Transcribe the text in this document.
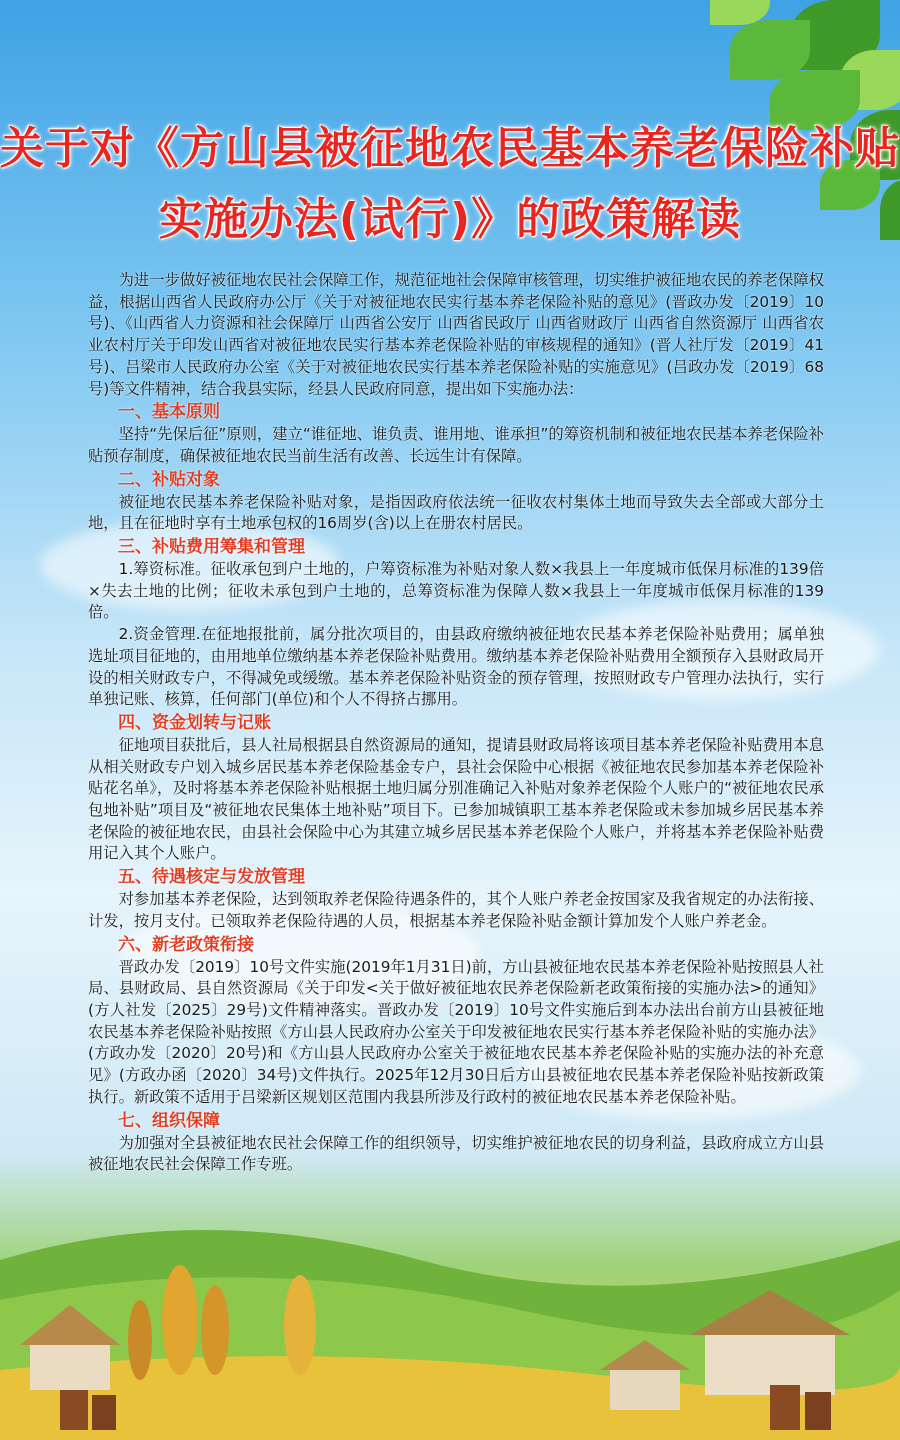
关于对《方山县被征地农民基本养老保险补贴
实施办法(试行)》的政策解读

为进一步做好被征地农民社会保障工作，规范征地社会保障审核管理，切实维护被征地农民的养老保障权益，根据山西省人民政府办公厅《关于对被征地农民实行基本养老保险补贴的意见》(晋政办发〔2019〕10号)、《山西省人力资源和社会保障厅 山西省公安厅 山西省民政厅 山西省财政厅 山西省自然资源厅 山西省农业农村厅关于印发山西省对被征地农民实行基本养老保险补贴的审核规程的通知》(晋人社厅发〔2019〕41号)、吕梁市人民政府办公室《关于对被征地农民实行基本养老保险补贴的实施意见》(吕政办发〔2019〕68号)等文件精神，结合我县实际，经县人民政府同意，提出如下实施办法：

一、基本原则

坚持“先保后征”原则，建立“谁征地、谁负责、谁用地、谁承担”的筹资机制和被征地农民基本养老保险补贴预存制度，确保被征地农民当前生活有改善、长远生计有保障。

二、补贴对象

被征地农民基本养老保险补贴对象，是指因政府依法统一征收农村集体土地而导致失去全部或大部分土地，且在征地时享有土地承包权的16周岁(含)以上在册农村居民。

三、补贴费用筹集和管理

1.筹资标准。征收承包到户土地的，户筹资标准为补贴对象人数×我县上一年度城市低保月标准的139倍×失去土地的比例；征收未承包到户土地的，总筹资标准为保障人数×我县上一年度城市低保月标准的139倍。

2.资金管理.在征地报批前，属分批次项目的，由县政府缴纳被征地农民基本养老保险补贴费用；属单独选址项目征地的，由用地单位缴纳基本养老保险补贴费用。缴纳基本养老保险补贴费用全额预存入县财政局开设的相关财政专户，不得减免或缓缴。基本养老保险补贴资金的预存管理，按照财政专户管理办法执行，实行单独记账、核算，任何部门(单位)和个人不得挤占挪用。

四、资金划转与记账

征地项目获批后，县人社局根据县自然资源局的通知，提请县财政局将该项目基本养老保险补贴费用本息从相关财政专户划入城乡居民基本养老保险基金专户，县社会保险中心根据《被征地农民参加基本养老保险补贴花名单》，及时将基本养老保险补贴根据土地归属分别准确记入补贴对象养老保险个人账户的“被征地农民承包地补贴”项目及“被征地农民集体土地补贴”项目下。已参加城镇职工基本养老保险或未参加城乡居民基本养老保险的被征地农民，由县社会保险中心为其建立城乡居民基本养老保险个人账户，并将基本养老保险补贴费用记入其个人账户。

五、待遇核定与发放管理

对参加基本养老保险，达到领取养老保险待遇条件的，其个人账户养老金按国家及我省规定的办法衔接、计发，按月支付。已领取养老保险待遇的人员，根据基本养老保险补贴金额计算加发个人账户养老金。

六、新老政策衔接

晋政办发〔2019〕10号文件实施(2019年1月31日)前，方山县被征地农民基本养老保险补贴按照县人社局、县财政局、县自然资源局《关于印发<关于做好被征地农民养老保险新老政策衔接的实施办法>的通知》(方人社发〔2025〕29号)文件精神落实。晋政办发〔2019〕10号文件实施后到本办法出台前方山县被征地农民基本养老保险补贴按照《方山县人民政府办公室关于印发被征地农民实行基本养老保险补贴的实施办法》(方政办发〔2020〕20号)和《方山县人民政府办公室关于被征地农民基本养老保险补贴的实施办法的补充意见》(方政办函〔2020〕34号)文件执行。2025年12月30日后方山县被征地农民基本养老保险补贴按新政策执行。新政策不适用于吕梁新区规划区范围内我县所涉及行政村的被征地农民基本养老保险补贴。

七、组织保障

为加强对全县被征地农民社会保障工作的组织领导，切实维护被征地农民的切身利益，县政府成立方山县被征地农民社会保障工作专班。
